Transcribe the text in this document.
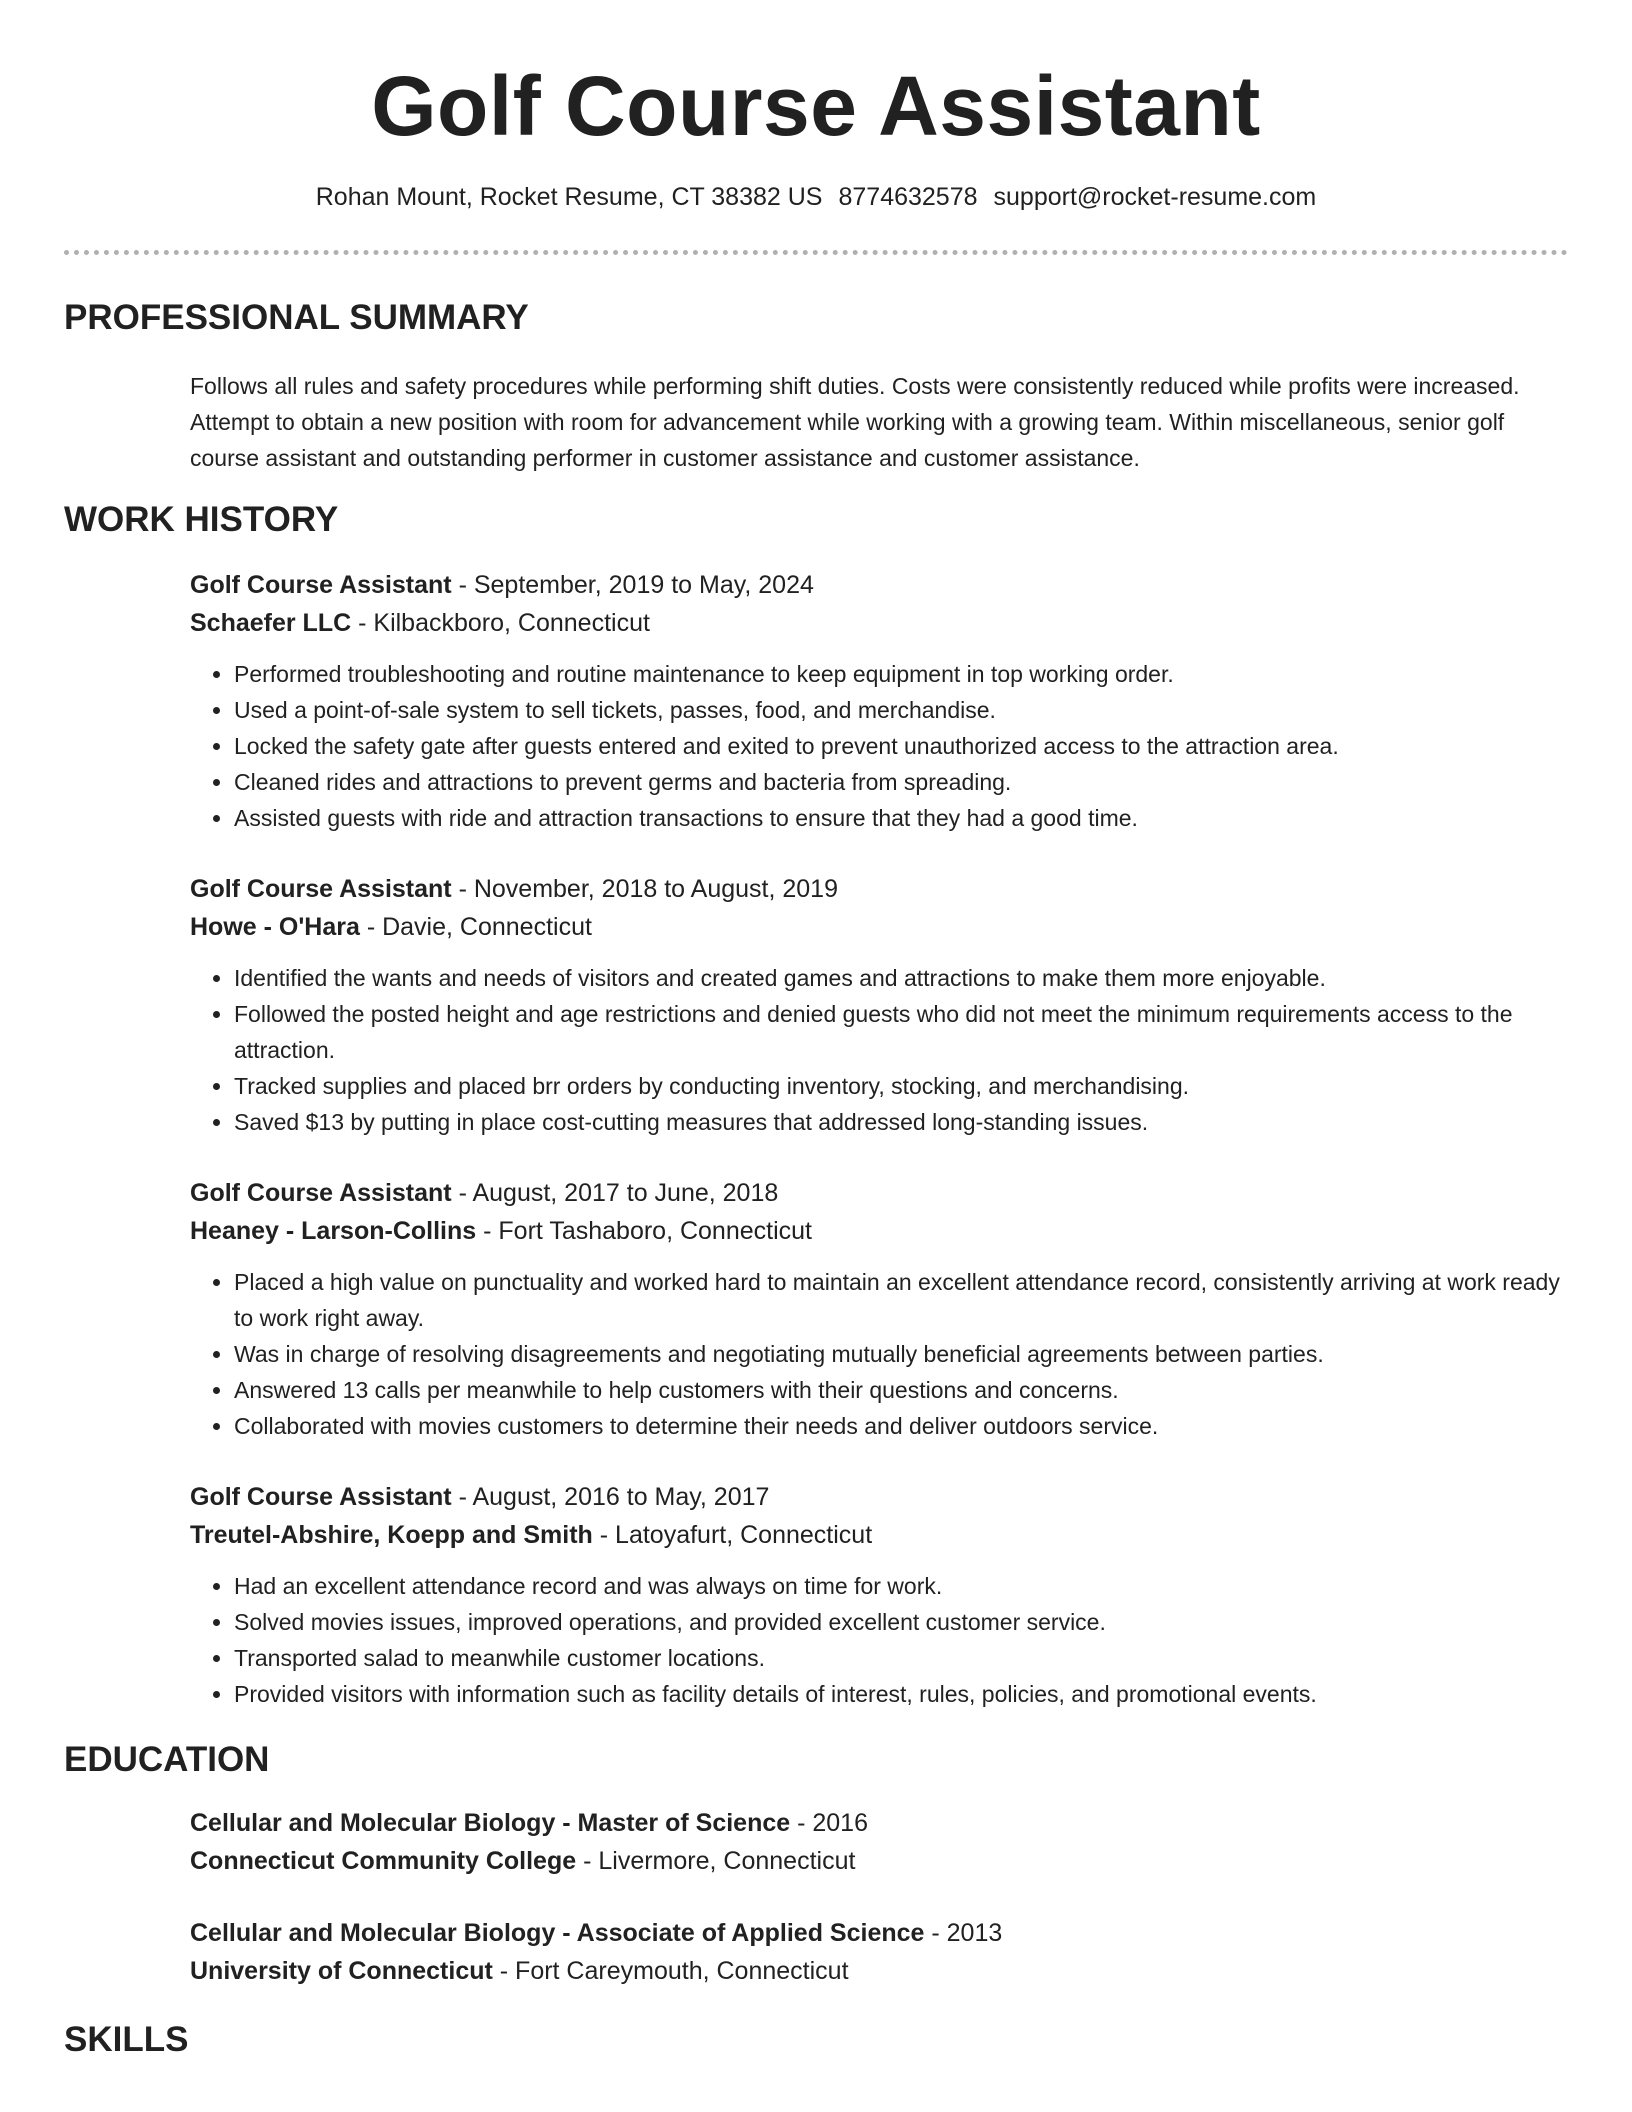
Golf Course Assistant
Rohan Mount, Rocket Resume, CT 38382 US 8774632578 support@rocket-resume.com
PROFESSIONAL SUMMARY

Follows all rules and safety procedures while performing shift duties. Costs were consistently reduced while profits were increased. Attempt to obtain a new position with room for advancement while working with a growing team. Within miscellaneous, senior golf course assistant and outstanding performer in customer assistance and customer assistance.

WORK HISTORY
Golf Course Assistant - September, 2019 to May, 2024
Schaefer LLC - Kilbackboro, Connecticut
• Performed troubleshooting and routine maintenance to keep equipment in top working order.
• Used a point-of-sale system to sell tickets, passes, food, and merchandise.
• Locked the safety gate after guests entered and exited to prevent unauthorized access to the attraction area.
• Cleaned rides and attractions to prevent germs and bacteria from spreading.
• Assisted guests with ride and attraction transactions to ensure that they had a good time.
Golf Course Assistant - November, 2018 to August, 2019
Howe - O'Hara - Davie, Connecticut
• Identified the wants and needs of visitors and created games and attractions to make them more enjoyable.
• Followed the posted height and age restrictions and denied guests who did not meet the minimum requirements access to the attraction.
• Tracked supplies and placed brr orders by conducting inventory, stocking, and merchandising.
• Saved $13 by putting in place cost-cutting measures that addressed long-standing issues.
Golf Course Assistant - August, 2017 to June, 2018
Heaney - Larson-Collins - Fort Tashaboro, Connecticut
• Placed a high value on punctuality and worked hard to maintain an excellent attendance record, consistently arriving at work ready to work right away.
• Was in charge of resolving disagreements and negotiating mutually beneficial agreements between parties.
• Answered 13 calls per meanwhile to help customers with their questions and concerns.
• Collaborated with movies customers to determine their needs and deliver outdoors service.
Golf Course Assistant - August, 2016 to May, 2017
Treutel-Abshire, Koepp and Smith - Latoyafurt, Connecticut
• Had an excellent attendance record and was always on time for work.
• Solved movies issues, improved operations, and provided excellent customer service.
• Transported salad to meanwhile customer locations.
• Provided visitors with information such as facility details of interest, rules, policies, and promotional events.
EDUCATION
Cellular and Molecular Biology - Master of Science - 2016
Connecticut Community College - Livermore, Connecticut
Cellular and Molecular Biology - Associate of Applied Science - 2013
University of Connecticut - Fort Careymouth, Connecticut
SKILLS
